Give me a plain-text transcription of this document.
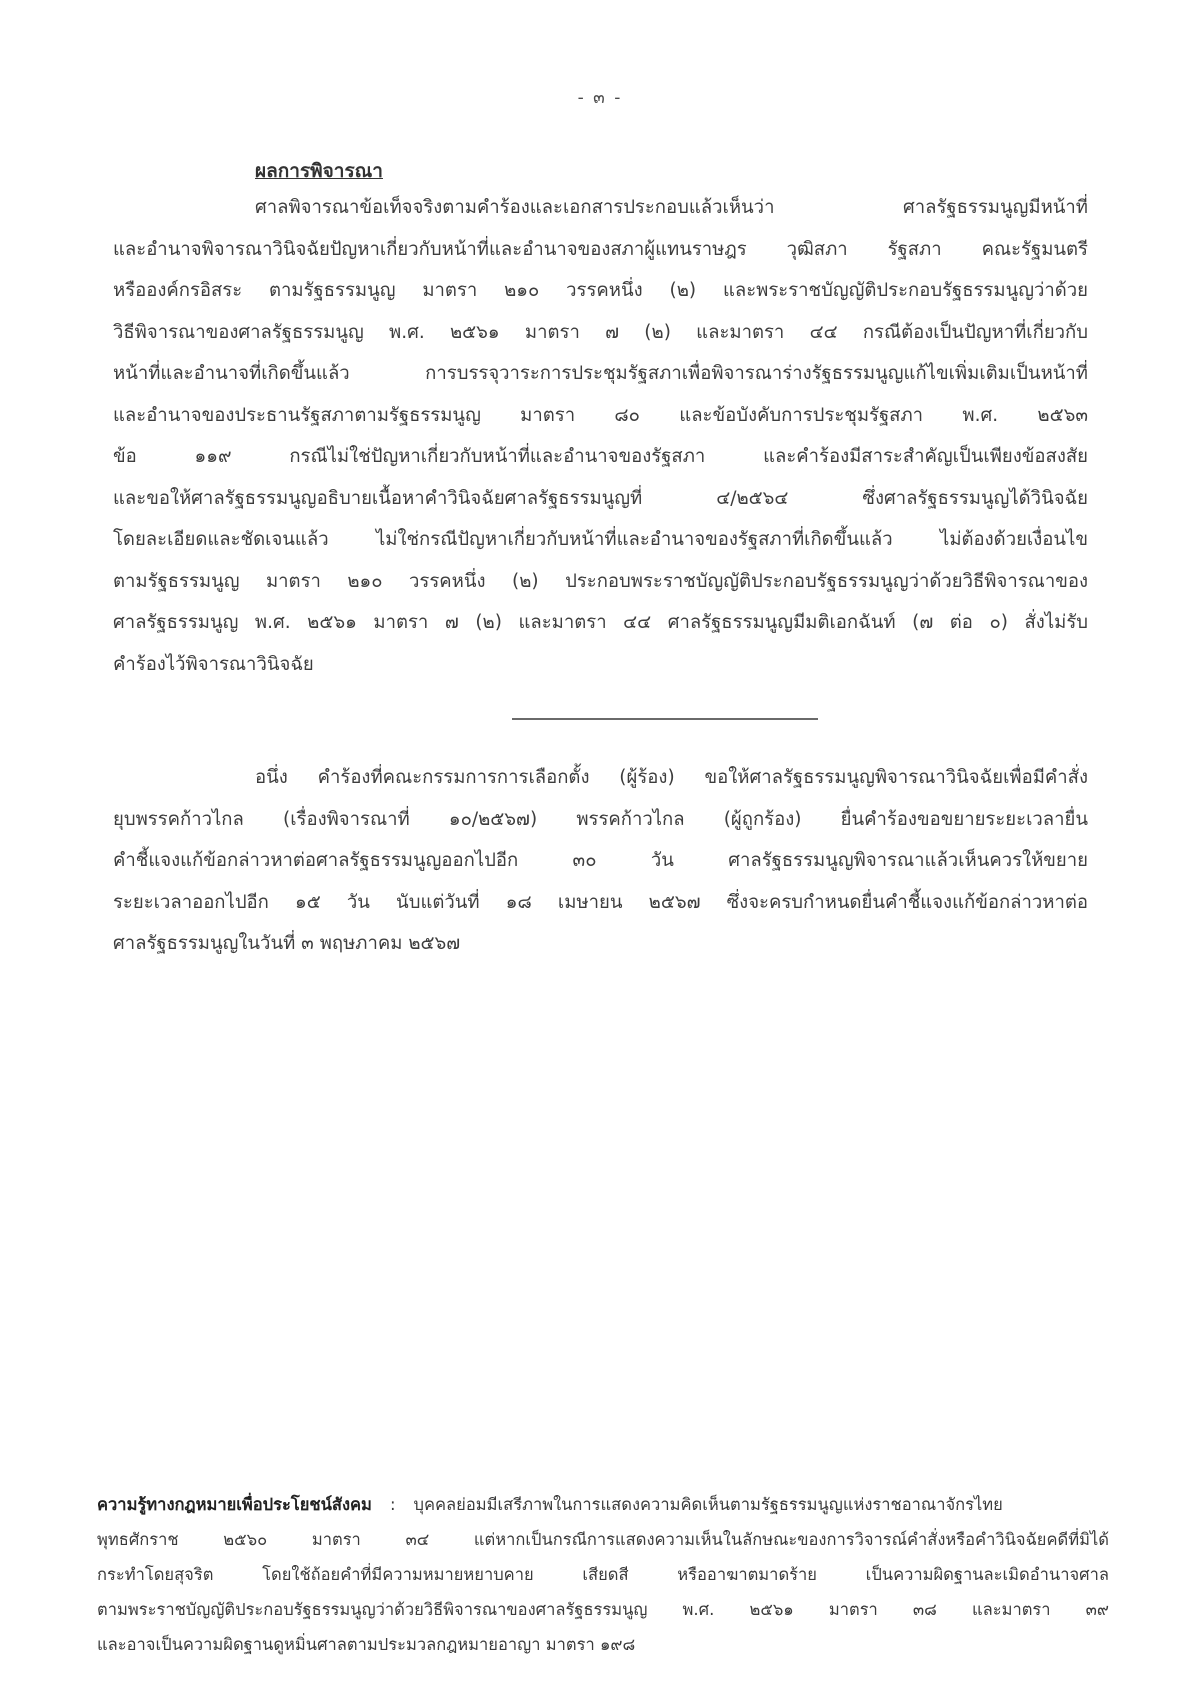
- ๓ -
ผลการพิจารณา
ศาลพิจารณาข้อเท็จจริงตามคำร้องและเอกสารประกอบแล้วเห็นว่า ศาลรัฐธรรมนูญมีหน้าที่
และอำนาจพิจารณาวินิจฉัยปัญหาเกี่ยวกับหน้าที่และอำนาจของสภาผู้แทนราษฎร วุฒิสภา รัฐสภา คณะรัฐมนตรี
หรือองค์กรอิสระ ตามรัฐธรรมนูญ มาตรา ๒๑๐ วรรคหนึ่ง (๒) และพระราชบัญญัติประกอบรัฐธรรมนูญว่าด้วย
วิธีพิจารณาของศาลรัฐธรรมนูญ พ.ศ. ๒๕๖๑ มาตรา ๗ (๒) และมาตรา ๔๔ กรณีต้องเป็นปัญหาที่เกี่ยวกับ
หน้าที่และอำนาจที่เกิดขึ้นแล้ว การบรรจุวาระการประชุมรัฐสภาเพื่อพิจารณาร่างรัฐธรรมนูญแก้ไขเพิ่มเติมเป็นหน้าที่
และอำนาจของประธานรัฐสภาตามรัฐธรรมนูญ มาตรา ๘๐ และข้อบังคับการประชุมรัฐสภา พ.ศ. ๒๕๖๓
ข้อ ๑๑๙ กรณีไม่ใช่ปัญหาเกี่ยวกับหน้าที่และอำนาจของรัฐสภา และคำร้องมีสาระสำคัญเป็นเพียงข้อสงสัย
และขอให้ศาลรัฐธรรมนูญอธิบายเนื้อหาคำวินิจฉัยศาลรัฐธรรมนูญที่ ๔/๒๕๖๔ ซึ่งศาลรัฐธรรมนูญได้วินิจฉัย
โดยละเอียดและชัดเจนแล้ว ไม่ใช่กรณีปัญหาเกี่ยวกับหน้าที่และอำนาจของรัฐสภาที่เกิดขึ้นแล้ว ไม่ต้องด้วยเงื่อนไข
ตามรัฐธรรมนูญ มาตรา ๒๑๐ วรรคหนึ่ง (๒) ประกอบพระราชบัญญัติประกอบรัฐธรรมนูญว่าด้วยวิธีพิจารณาของ
ศาลรัฐธรรมนูญ พ.ศ. ๒๕๖๑ มาตรา ๗ (๒) และมาตรา ๔๔ ศาลรัฐธรรมนูญมีมติเอกฉันท์ (๗ ต่อ ๐) สั่งไม่รับ
คำร้องไว้พิจารณาวินิจฉัย
อนึ่ง คำร้องที่คณะกรรมการการเลือกตั้ง (ผู้ร้อง) ขอให้ศาลรัฐธรรมนูญพิจารณาวินิจฉัยเพื่อมีคำสั่ง
ยุบพรรคก้าวไกล (เรื่องพิจารณาที่ ๑๐/๒๕๖๗) พรรคก้าวไกล (ผู้ถูกร้อง) ยื่นคำร้องขอขยายระยะเวลายื่น
คำชี้แจงแก้ข้อกล่าวหาต่อศาลรัฐธรรมนูญออกไปอีก ๓๐ วัน ศาลรัฐธรรมนูญพิจารณาแล้วเห็นควรให้ขยาย
ระยะเวลาออกไปอีก ๑๕ วัน นับแต่วันที่ ๑๘ เมษายน ๒๕๖๗ ซึ่งจะครบกำหนดยื่นคำชี้แจงแก้ข้อกล่าวหาต่อ
ศาลรัฐธรรมนูญในวันที่ ๓ พฤษภาคม ๒๕๖๗
ความรู้ทางกฎหมายเพื่อประโยชน์สังคม : บุคคลย่อมมีเสรีภาพในการแสดงความคิดเห็นตามรัฐธรรมนูญแห่งราชอาณาจักรไทย
พุทธศักราช ๒๕๖๐ มาตรา ๓๔ แต่หากเป็นกรณีการแสดงความเห็นในลักษณะของการวิจารณ์คำสั่งหรือคำวินิจฉัยคดีที่มิได้
กระทำโดยสุจริต โดยใช้ถ้อยคำที่มีความหมายหยาบคาย เสียดสี หรืออาฆาตมาดร้าย เป็นความผิดฐานละเมิดอำนาจศาล
ตามพระราชบัญญัติประกอบรัฐธรรมนูญว่าด้วยวิธีพิจารณาของศาลรัฐธรรมนูญ พ.ศ. ๒๕๖๑ มาตรา ๓๘ และมาตรา ๓๙
และอาจเป็นความผิดฐานดูหมิ่นศาลตามประมวลกฎหมายอาญา มาตรา ๑๙๘
